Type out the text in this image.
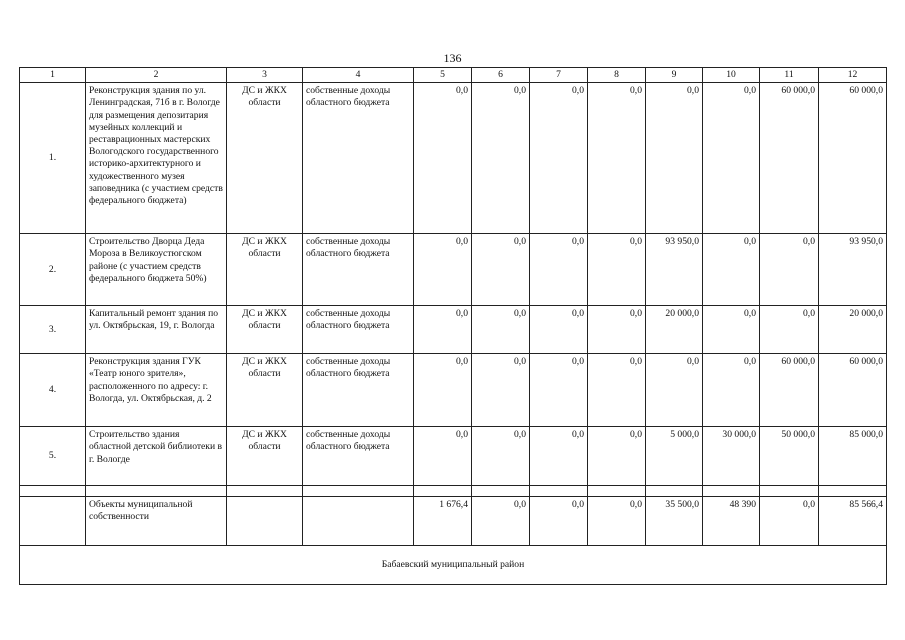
136
1	2	3	4	5	6	7	8	9	10	11	12
1.	Реконструкция здания по ул. Ленинградская, 71б в г. Вологде для размещения депозитария музейных коллекций и реставрационных мастерских Вологодского государственного историко-архитектурного и художественного музея заповедника (с участием средств федерального бюджета)	ДС и ЖКХ области	собственные доходы областного бюджета	0,0	0,0	0,0	0,0	0,0	0,0	60 000,0	60 000,0
2.	Строительство Дворца Деда Мороза в Великоустюгском районе (с участием средств федерального бюджета 50%)	ДС и ЖКХ области	собственные доходы областного бюджета	0,0	0,0	0,0	0,0	93 950,0	0,0	0,0	93 950,0
3.	Капитальный ремонт здания по ул. Октябрьская, 19, г. Вологда	ДС и ЖКХ области	собственные доходы областного бюджета	0,0	0,0	0,0	0,0	20 000,0	0,0	0,0	20 000,0
4.	Реконструкция здания ГУК «Театр юного зрителя», расположенного по адресу: г. Вологда, ул. Октябрьская, д. 2	ДС и ЖКХ области	собственные доходы областного бюджета	0,0	0,0	0,0	0,0	0,0	0,0	60 000,0	60 000,0
5.	Строительство здания областной детской библиотеки в г. Вологде	ДС и ЖКХ области	собственные доходы областного бюджета	0,0	0,0	0,0	0,0	5 000,0	30 000,0	50 000,0	85 000,0

	Объекты муниципальной собственности			1 676,4	0,0	0,0	0,0	35 500,0	48 390	0,0	85 566,4
Бабаевский муниципальный район											
